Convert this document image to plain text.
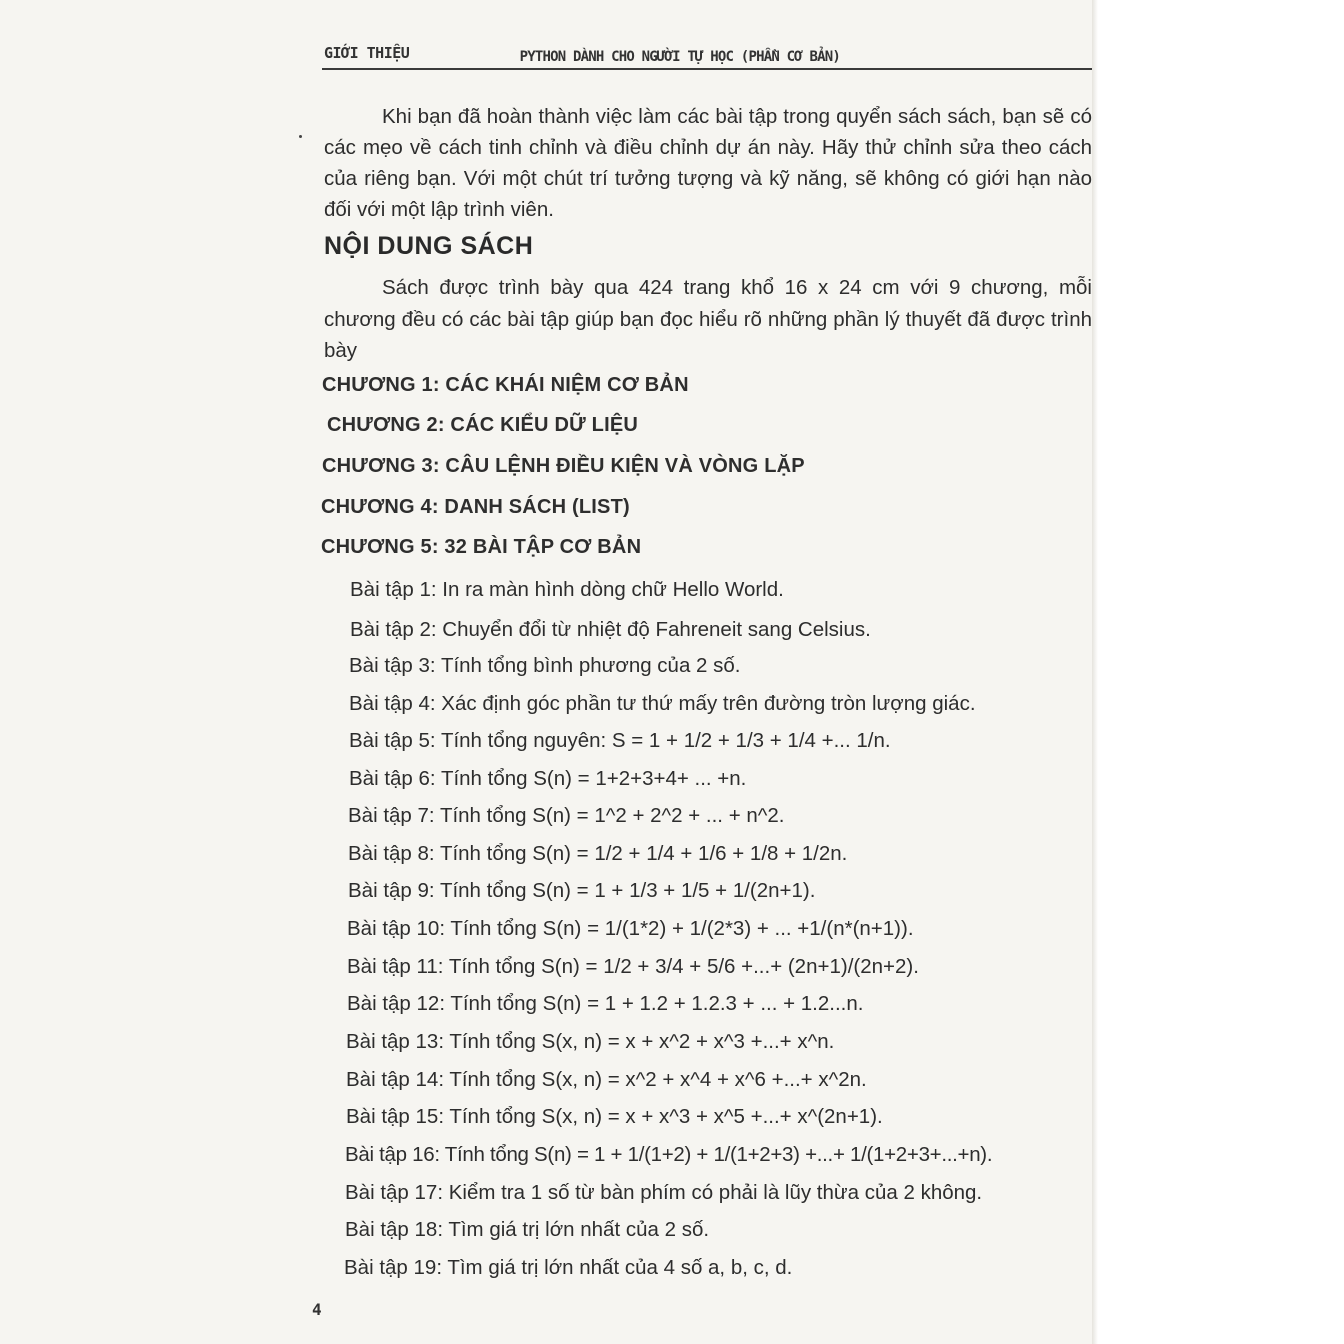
GIỚI THIỆU	PYTHON DÀNH CHO NGƯỜI TỰ HỌC (PHẦN CƠ BẢN)

Khi bạn đã hoàn thành việc làm các bài tập trong quyển sách sách, bạn sẽ có các mẹo về cách tinh chỉnh và điều chỉnh dự án này. Hãy thử chỉnh sửa theo cách của riêng bạn. Với một chút trí tưởng tượng và kỹ năng, sẽ không có giới hạn nào đối với một lập trình viên.

NỘI DUNG SÁCH

Sách được trình bày qua 424 trang khổ 16 x 24 cm với 9 chương, mỗi chương đều có các bài tập giúp bạn đọc hiểu rõ những phần lý thuyết đã được trình bày

CHƯƠNG 1: CÁC KHÁI NIỆM CƠ BẢN
CHƯƠNG 2: CÁC KIỂU DỮ LIỆU
CHƯƠNG 3: CÂU LỆNH ĐIỀU KIỆN VÀ VÒNG LẶP
CHƯƠNG 4: DANH SÁCH (LIST)
CHƯƠNG 5: 32 BÀI TẬP CƠ BẢN
Bài tập 1: In ra màn hình dòng chữ Hello World.
Bài tập 2: Chuyển đổi từ nhiệt độ Fahreneit sang Celsius.
Bài tập 3: Tính tổng bình phương của 2 số.
Bài tập 4: Xác định góc phần tư thứ mấy trên đường tròn lượng giác.
Bài tập 5: Tính tổng nguyên: S = 1 + 1/2 + 1/3 + 1/4 +... 1/n.
Bài tập 6: Tính tổng S(n) = 1+2+3+4+ ... +n.
Bài tập 7: Tính tổng S(n) = 1^2 + 2^2 + ... + n^2.
Bài tập 8: Tính tổng S(n) = 1/2 + 1/4 + 1/6 + 1/8 + 1/2n.
Bài tập 9: Tính tổng S(n) = 1 + 1/3 + 1/5 + 1/(2n+1).
Bài tập 10: Tính tổng S(n) = 1/(1*2) + 1/(2*3) + ... +1/(n*(n+1)).
Bài tập 11: Tính tổng S(n) = 1/2 + 3/4 + 5/6 +...+ (2n+1)/(2n+2).
Bài tập 12: Tính tổng S(n) = 1 + 1.2 + 1.2.3 + ... + 1.2...n.
Bài tập 13: Tính tổng S(x, n) = x + x^2 + x^3 +...+ x^n.
Bài tập 14: Tính tổng S(x, n) = x^2 + x^4 + x^6 +...+ x^2n.
Bài tập 15: Tính tổng S(x, n) = x + x^3 + x^5 +...+ x^(2n+1).
Bài tập 16: Tính tổng S(n) = 1 + 1/(1+2) + 1/(1+2+3) +...+ 1/(1+2+3+...+n).
Bài tập 17: Kiểm tra 1 số từ bàn phím có phải là lũy thừa của 2 không.
Bài tập 18: Tìm giá trị lớn nhất của 2 số.
Bài tập 19: Tìm giá trị lớn nhất của 4 số a, b, c, d.
4
